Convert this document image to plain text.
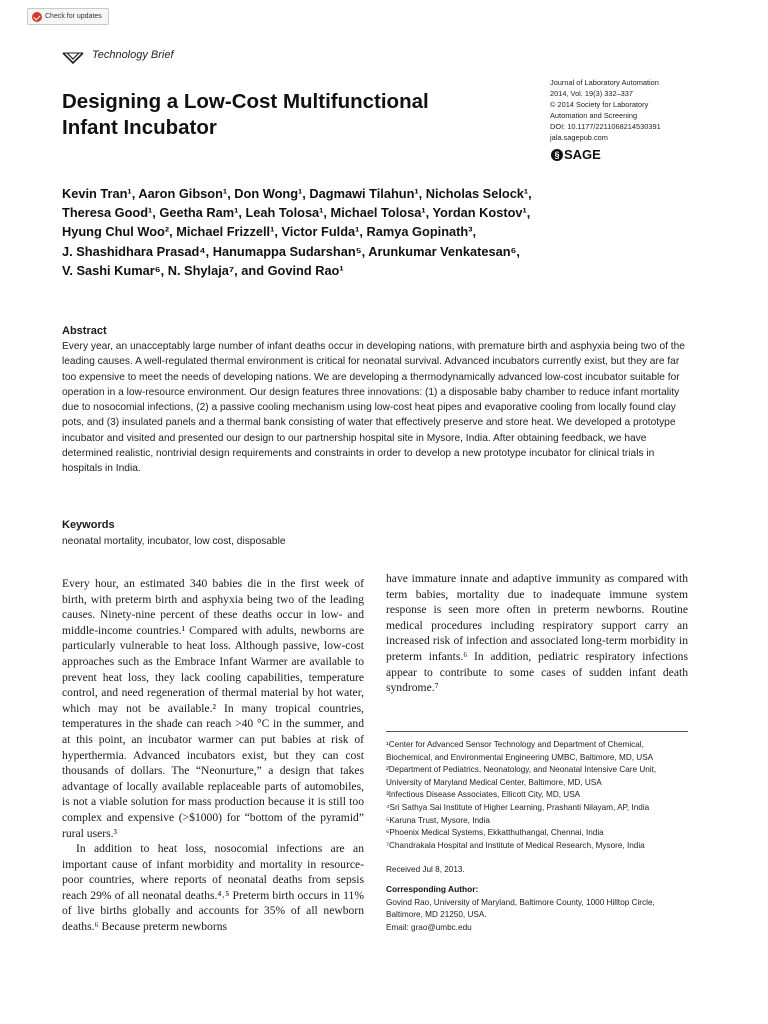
Check for updates
Technology Brief
Designing a Low-Cost Multifunctional
Infant Incubator
Journal of Laboratory Automation
2014, Vol. 19(3) 332–337
© 2014 Society for Laboratory
Automation and Screening
DOI: 10.1177/2211068214530391
jala.sagepub.com
§ SAGE
Kevin Tran¹, Aaron Gibson¹, Don Wong¹, Dagmawi Tilahun¹, Nicholas Selock¹,
Theresa Good¹, Geetha Ram¹, Leah Tolosa¹, Michael Tolosa¹, Yordan Kostov¹,
Hyung Chul Woo², Michael Frizzell¹, Victor Fulda¹, Ramya Gopinath³,
J. Shashidhara Prasad⁴, Hanumappa Sudarshan⁵, Arunkumar Venkatesan⁶,
V. Sashi Kumar⁶, N. Shylaja⁷, and Govind Rao¹
Abstract
Every year, an unacceptably large number of infant deaths occur in developing nations, with premature birth and asphyxia being two of the leading causes. A well-regulated thermal environment is critical for neonatal survival. Advanced incubators currently exist, but they are far too expensive to meet the needs of developing nations. We are developing a thermodynamically advanced low-cost incubator suitable for operation in a low-resource environment. Our design features three innovations: (1) a disposable baby chamber to reduce infant mortality due to nosocomial infections, (2) a passive cooling mechanism using low-cost heat pipes and evaporative cooling from locally found clay pots, and (3) insulated panels and a thermal bank consisting of water that effectively preserve and store heat. We developed a prototype incubator and visited and presented our design to our partnership hospital site in Mysore, India. After obtaining feedback, we have determined realistic, nontrivial design requirements and constraints in order to develop a new prototype incubator for clinical trials in hospitals in India.
Keywords
neonatal mortality, incubator, low cost, disposable

Every hour, an estimated 340 babies die in the first week of birth, with preterm birth and asphyxia being two of the leading causes. Ninety-nine percent of these deaths occur in low- and middle-income countries.¹ Compared with adults, newborns are particularly vulnerable to heat loss. Although passive, low-cost approaches such as the Embrace Infant Warmer are available to prevent heat loss, they lack cooling capabilities, temperature control, and need regeneration of thermal material by hot water, which may not be available.² In many tropical countries, temperatures in the shade can reach >40 °C in the summer, and at this point, an incubator warmer can put babies at risk of hyperthermia. Advanced incubators exist, but they can cost thousands of dollars. The “Neonurture,” a design that takes advantage of locally available replaceable parts of automobiles, is not a viable solution for mass production because it is still too complex and expensive (>$1000) for “bottom of the pyramid” rural users.³

In addition to heat loss, nosocomial infections are an important cause of infant morbidity and mortality in resource-poor countries, where reports of neonatal deaths from sepsis reach 29% of all neonatal deaths.⁴˒⁵ Preterm birth occurs in 11% of live births globally and accounts for 35% of all newborn deaths.⁶ Because preterm newborns

have immature innate and adaptive immunity as compared with term babies, mortality due to inadequate immune system response is seen more often in preterm newborns. Routine medical procedures including respiratory support carry an increased risk of infection and associated long-term morbidity in preterm infants.⁶ In addition, pediatric respiratory infections appear to contribute to some cases of sudden infant death syndrome.⁷

¹Center for Advanced Sensor Technology and Department of Chemical, Biochemical, and Environmental Engineering UMBC, Baltimore, MD, USA
²Department of Pediatrics, Neonatology, and Neonatal Intensive Care Unit, University of Maryland Medical Center, Baltimore, MD, USA
³Infectious Disease Associates, Ellicott City, MD, USA
⁴Sri Sathya Sai Institute of Higher Learning, Prashanti Nilayam, AP, India
⁵Karuna Trust, Mysore, India
⁶Phoenix Medical Systems, Ekkatthuthangal, Chennai, India
⁷Chandrakala Hospital and Institute of Medical Research, Mysore, India
Received Jul 8, 2013.
Corresponding Author:
Govind Rao, University of Maryland, Baltimore County, 1000 Hilltop Circle, Baltimore, MD 21250, USA.
Email: grao@umbc.edu
